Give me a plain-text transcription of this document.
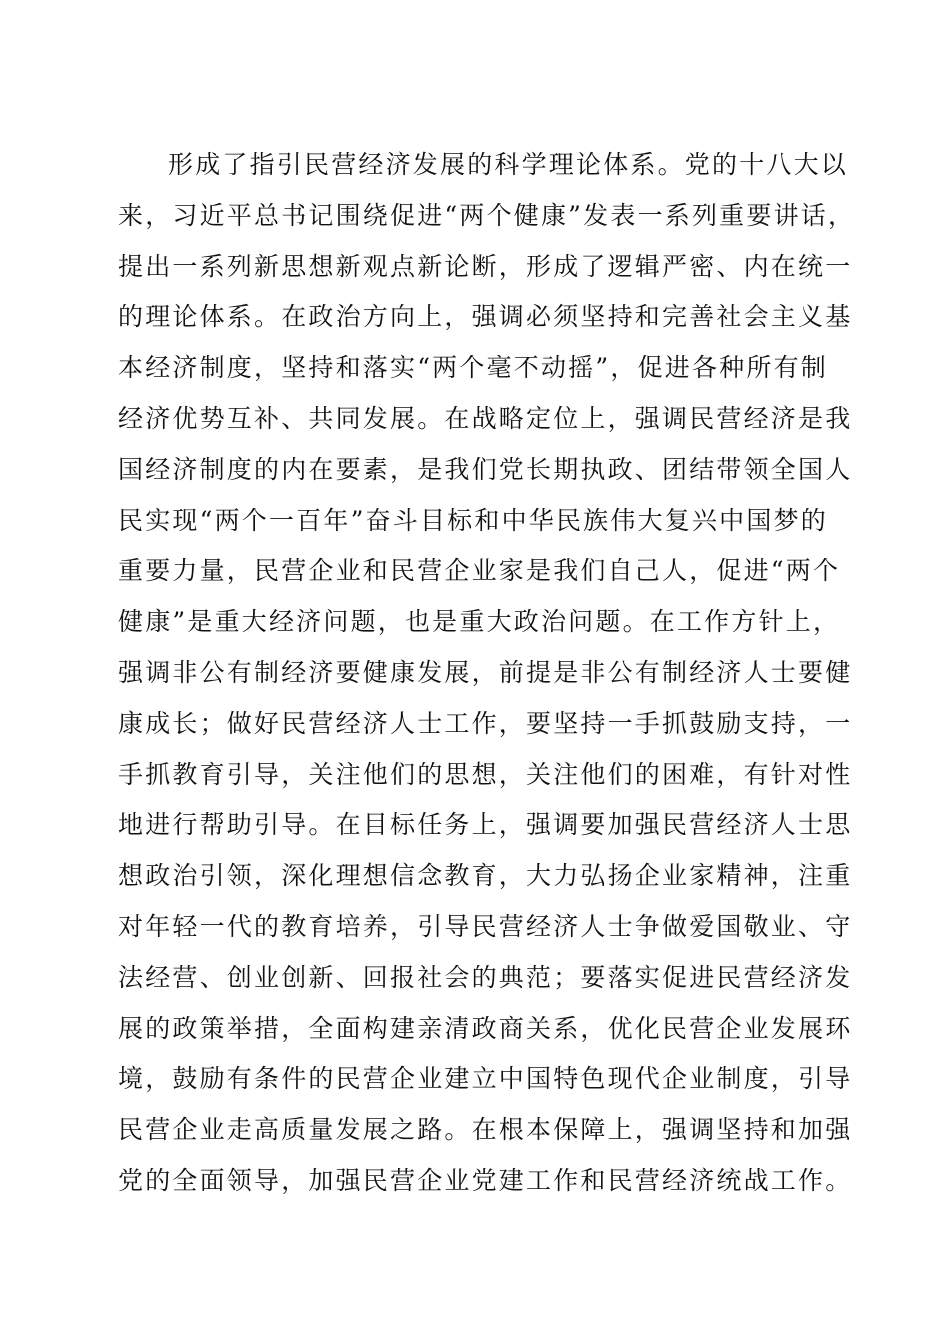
形成了指引民营经济发展的科学理论体系。党的十八大以
来，习近平总书记围绕促进“两个健康”发表一系列重要讲话，
提出一系列新思想新观点新论断，形成了逻辑严密、内在统一
的理论体系。在政治方向上，强调必须坚持和完善社会主义基
本经济制度，坚持和落实“两个毫不动摇”，促进各种所有制
经济优势互补、共同发展。在战略定位上，强调民营经济是我
国经济制度的内在要素，是我们党长期执政、团结带领全国人
民实现“两个一百年”奋斗目标和中华民族伟大复兴中国梦的
重要力量，民营企业和民营企业家是我们自己人，促进“两个
健康”是重大经济问题，也是重大政治问题。在工作方针上，
强调非公有制经济要健康发展，前提是非公有制经济人士要健
康成长；做好民营经济人士工作，要坚持一手抓鼓励支持，一
手抓教育引导，关注他们的思想，关注他们的困难，有针对性
地进行帮助引导。在目标任务上，强调要加强民营经济人士思
想政治引领，深化理想信念教育，大力弘扬企业家精神，注重
对年轻一代的教育培养，引导民营经济人士争做爱国敬业、守
法经营、创业创新、回报社会的典范；要落实促进民营经济发
展的政策举措，全面构建亲清政商关系，优化民营企业发展环
境，鼓励有条件的民营企业建立中国特色现代企业制度，引导
民营企业走高质量发展之路。在根本保障上，强调坚持和加强
党的全面领导，加强民营企业党建工作和民营经济统战工作。
